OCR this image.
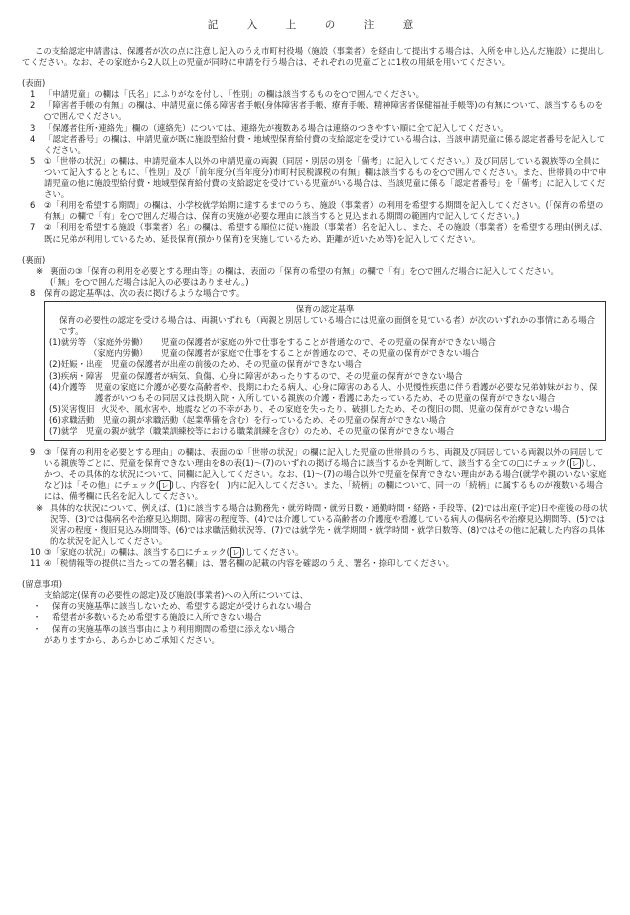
記　入　上　の　注　意
この支給認定申請書は、保護者が次の点に注意し記入のうえ市町村役場（施設（事業者）を経由して提出する場合は、入所を申し込んだ施設）に提出してください。なお、その家庭から2人以上の児童が同時に申請を行う場合は、それぞれの児童ごとに1枚の用紙を用いてください。
(表面)
1	「申請児童」の欄は「氏名」にふりがなを付し、「性別」の欄は該当するものを○で囲んでください。
2	「障害者手帳の有無」の欄は、申請児童に係る障害者手帳(身体障害者手帳、療育手帳、精神障害者保健福祉手帳等)の有無について、該当するものを○で囲んでください。
3	「保護者住所･連絡先」欄の（連絡先）については、連絡先が複数ある場合は連絡のつきやすい順に全て記入してください。
4	「認定者番号」の欄は、申請児童が既に施設型給付費・地域型保育給付費の支給認定を受けている場合は、当該申請児童に係る認定者番号を記入してください。
5	①「世帯の状況」の欄は、申請児童本人以外の申請児童の両親（同居・別居の別を「備考」に記入してください。）及び同居している親族等の全員について記入するとともに、「性別」及び「前年度分(当年度分)市町村民税課税の有無」欄は該当するものを○で囲んでください。また、世帯員の中で申請児童の他に施設型給付費・地域型保育給付費の支給認定を受けている児童がいる場合は、当該児童に係る「認定者番号」を「備考」に記入してください。
6	②「利用を希望する期間」の欄は、小学校就学始期に達するまでのうち、施設（事業者）の利用を希望する期間を記入してください。(「保育の希望の有無」の欄で「有」を○で囲んだ場合は、保育の実施が必要な理由に該当すると見込まれる期間の範囲内で記入してください。)
7	②「利用を希望する施設（事業者）名」の欄は、希望する順位に従い施設（事業者）名を記入し、また、その施設（事業者）を希望する理由(例えば、既に兄弟が利用しているため、延長保育(預かり保育)を実施しているため、距離が近いため等)を記入してください。
(裏面)
※ 裏面の③「保育の利用を必要とする理由等」の欄は、表面の「保育の希望の有無」の欄で「有」を○で囲んだ場合に記入してください。
(「無」を○で囲んだ場合は記入の必要はありません。)
8	保育の認定基準は、次の表に掲げるような場合です。
保育の認定基準
保育の必要性の認定を受ける場合は、両親いずれも（両親と別居している場合には児童の面倒を見ている者）が次のいずれかの事情にある場合です。
(1)就労等 （家庭外労働）	児童の保護者が家庭の外で仕事をすることが普通なので、その児童の保育ができない場合
（家庭内労働）	児童の保護者が家庭で仕事をすることが普通なので、その児童の保育ができない場合
(2)妊娠・出産　児童の保護者が出産の前後のため、その児童の保育ができない場合
(3)疾病・障害　児童の保護者が病気、負傷、心身に障害があったりするので、その児童の保育ができない場合
(4)介護等	児童の家庭に介護が必要な高齢者や、長期にわたる病人、心身に障害のある人、小児慢性疾患に伴う看護が必要な兄弟姉妹がおり、保護者がいつもその同居又は長期入院・入所している親族の介護・看護にあたっているため、その児童の保育ができない場合
(5)災害復旧 火災や、風水害や、地震などの不幸があり、その家庭を失ったり、破損したため、その復旧の間、児童の保育ができない場合
(6)求職活動　児童の親が求職活動（起業準備を含む）を行っているため、その児童の保育ができない場合
(7)就学　児童の親が就学（職業訓練校等における職業訓練を含む）のため、その児童の保育ができない場合
9	③「保育の利用を必要とする理由」の欄は、表面の①「世帯の状況」の欄に記入した児童の世帯員のうち、両親及び同居している両親以外の同居している親族等ごとに、児童を保育できない理由を8の表(1)～(7)のいずれの掲げる場合に該当するかを判断して、該当する全ての□にチェック( レ )し、かつ、その具体的な状況について、同欄に記入してください。なお、(1)～(7)の場合以外で児童を保育できない理由がある場合(就学や親のいない家庭など)は「その他」にチェック( レ )し、内容を(　)内に記入してください。また、「続柄」の欄について、同一の「続柄」に属するものが複数いる場合には、備考欄に氏名を記入してください。
※ 具体的な状況について、例えば、(1)に該当する場合は勤務先・就労時間・就労日数・通勤時間・経路・手段等、(2)では出産(予定)日や産後の母の状況等、(3)では傷病名や治療見込期間、障害の程度等、(4)では介護している高齢者の介護度や看護している病人の傷病名や治療見込期間等、(5)では災害の程度・復旧見込み期間等、(6)では求職活動状況等、(7)では就学先・就学期間・就学時間・就学日数等、(8)ではその他に記載した内容の具体的な状況を記入してください。
10 ③「家庭の状況」の欄は、該当する□にチェック( レ )してください。
11 ④「税情報等の提供に当たっての署名欄」は、署名欄の記載の内容を確認のうえ、署名・捺印してください。
(留意事項)
支給認定(保育の必要性の認定)及び施設(事業者)への入所については、
・	保育の実施基準に該当しないため、希望する認定が受けられない場合
・	希望者が多数いるため希望する施設に入所できない場合
・	保育の実施基準の該当事由により利用期間の希望に添えない場合
がありますから、あらかじめご承知ください。
